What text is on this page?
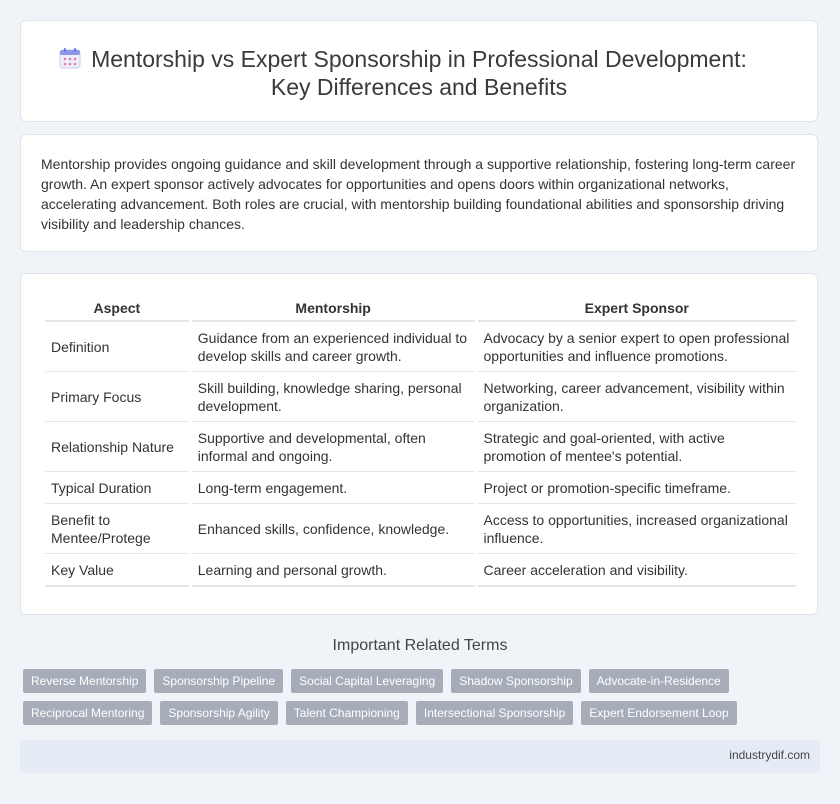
Mentorship vs Expert Sponsorship in Professional Development:
Key Differences and Benefits

Mentorship provides ongoing guidance and skill development through a supportive relationship, fostering long-term career growth. An expert sponsor actively advocates for opportunities and opens doors within organizational networks, accelerating advancement. Both roles are crucial, with mentorship building foundational abilities and sponsorship driving visibility and leadership chances.

Aspect	Mentorship	Expert Sponsor
Definition	Guidance from an experienced individual to develop skills and career growth.	Advocacy by a senior expert to open professional opportunities and influence promotions.
Primary Focus	Skill building, knowledge sharing, personal development.	Networking, career advancement, visibility within organization.
Relationship Nature	Supportive and developmental, often informal and ongoing.	Strategic and goal-oriented, with active promotion of mentee's potential.
Typical Duration	Long-term engagement.	Project or promotion-specific timeframe.
Benefit to Mentee/Protege	Enhanced skills, confidence, knowledge.	Access to opportunities, increased organizational influence.
Key Value	Learning and personal growth.	Career acceleration and visibility.
Important Related Terms
Reverse Mentorship	Sponsorship Pipeline	Social Capital Leveraging	Shadow Sponsorship	Advocate-in-Residence
Reciprocal Mentoring	Sponsorship Agility	Talent Championing	Intersectional Sponsorship	Expert Endorsement Loop
industrydif.com
